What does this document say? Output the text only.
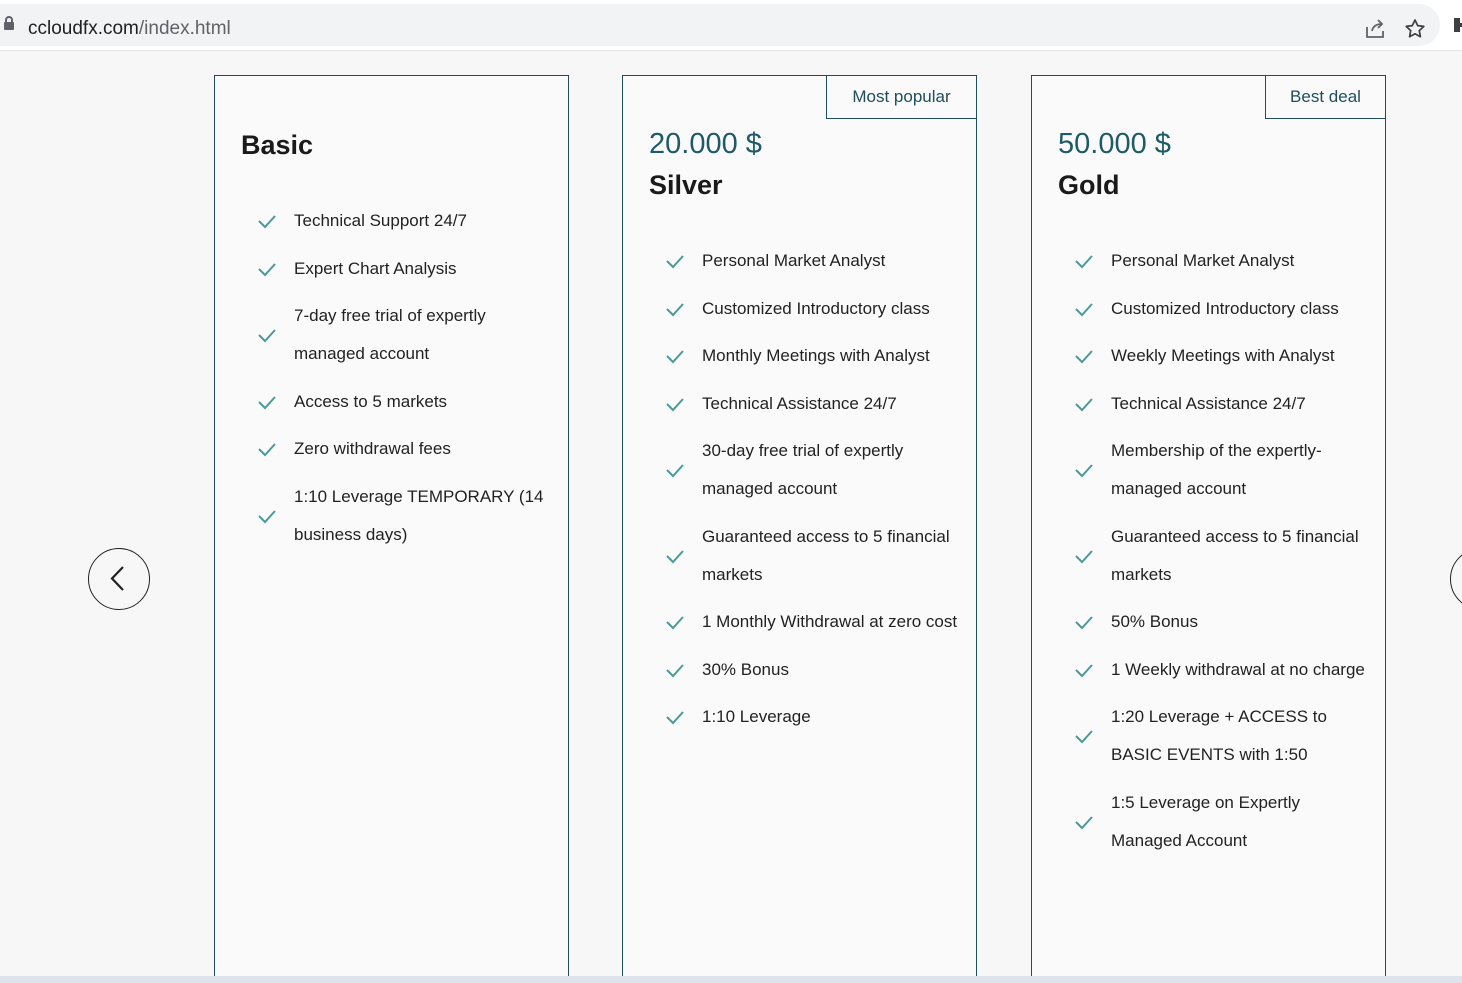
ccloudfx.com/index.html
Basic
Technical Support 24/7
Expert Chart Analysis
7-day free trial of expertly managed account
Access to 5 markets
Zero withdrawal fees
1:10 Leverage TEMPORARY (14 business days)
Most popular
20.000 $
Silver
Personal Market Analyst
Customized Introductory class
Monthly Meetings with Analyst
Technical Assistance 24/7
30-day free trial of expertly managed account
Guaranteed access to 5 financial markets
1 Monthly Withdrawal at zero cost
30% Bonus
1:10 Leverage
Best deal
50.000 $
Gold
Personal Market Analyst
Customized Introductory class
Weekly Meetings with Analyst
Technical Assistance 24/7
Membership of the expertly-managed account
Guaranteed access to 5 financial markets
50% Bonus
1 Weekly withdrawal at no charge
1:20 Leverage + ACCESS to BASIC EVENTS with 1:50
1:5 Leverage on Expertly Managed Account
